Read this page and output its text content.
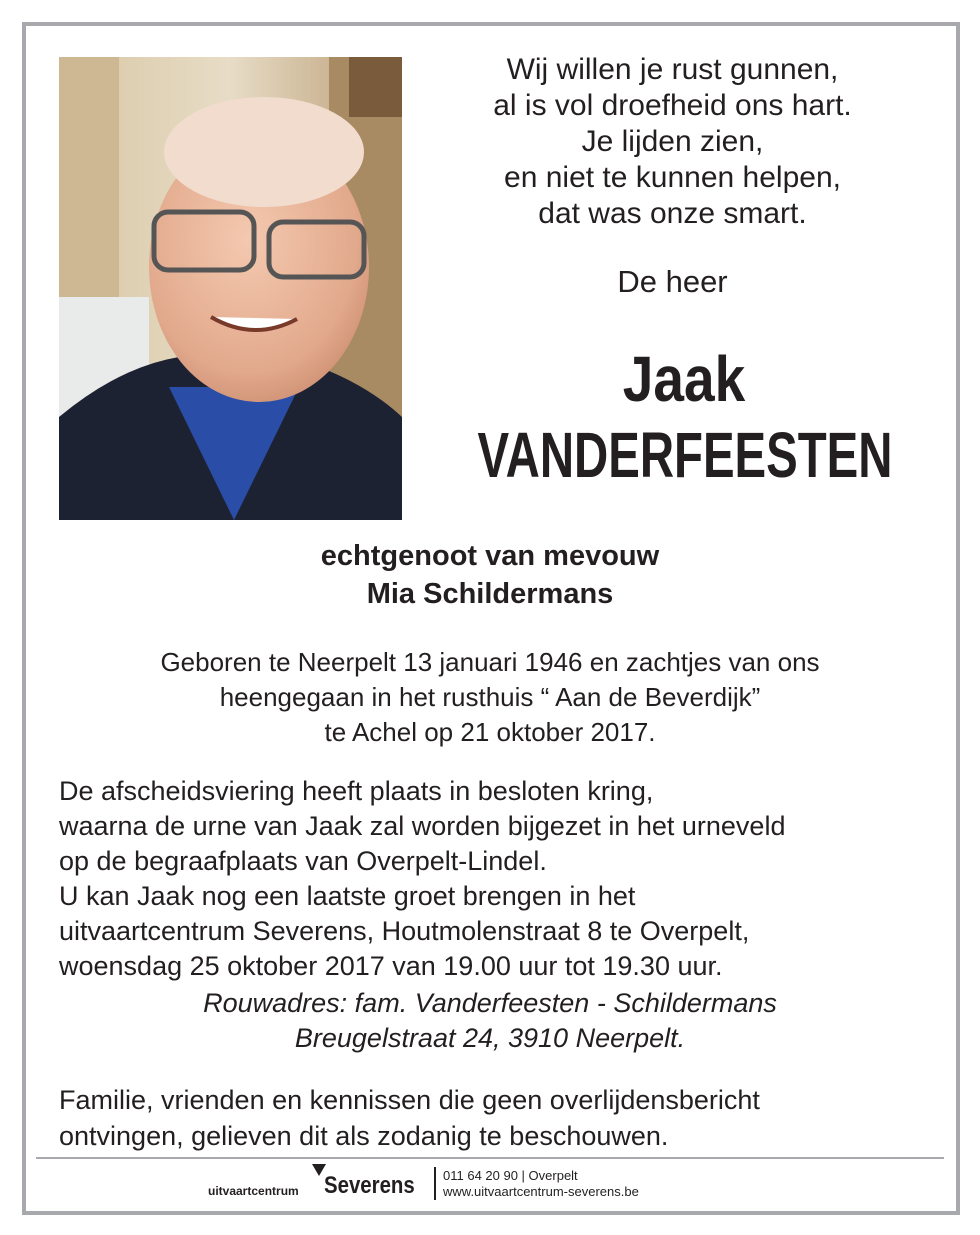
Wij willen je rust gunnen,
al is vol droefheid ons hart.
Je lijden zien,
en niet te kunnen helpen,
dat was onze smart.
De heer
Jaak
VANDERFEESTEN
echtgenoot van mevouw
Mia Schildermans
Geboren te Neerpelt 13 januari 1946 en zachtjes van ons
heengegaan in het rusthuis “ Aan de Beverdijk”
te Achel op 21 oktober 2017.
De afscheidsviering heeft plaats in besloten kring,
waarna de urne van Jaak zal worden bijgezet in het urneveld
op de begraafplaats van Overpelt-Lindel.
U kan Jaak nog een laatste groet brengen in het
uitvaartcentrum Severens, Houtmolenstraat 8 te Overpelt,
woensdag 25 oktober 2017 van 19.00 uur tot 19.30 uur.
Rouwadres: fam. Vanderfeesten - Schildermans
Breugelstraat 24, 3910 Neerpelt.
Familie, vrienden en kennissen die geen overlijdensbericht
ontvingen, gelieven dit als zodanig te beschouwen.
uitvaartcentrum Severens 011 64 20 90 | Overpelt
www.uitvaartcentrum-severens.be
